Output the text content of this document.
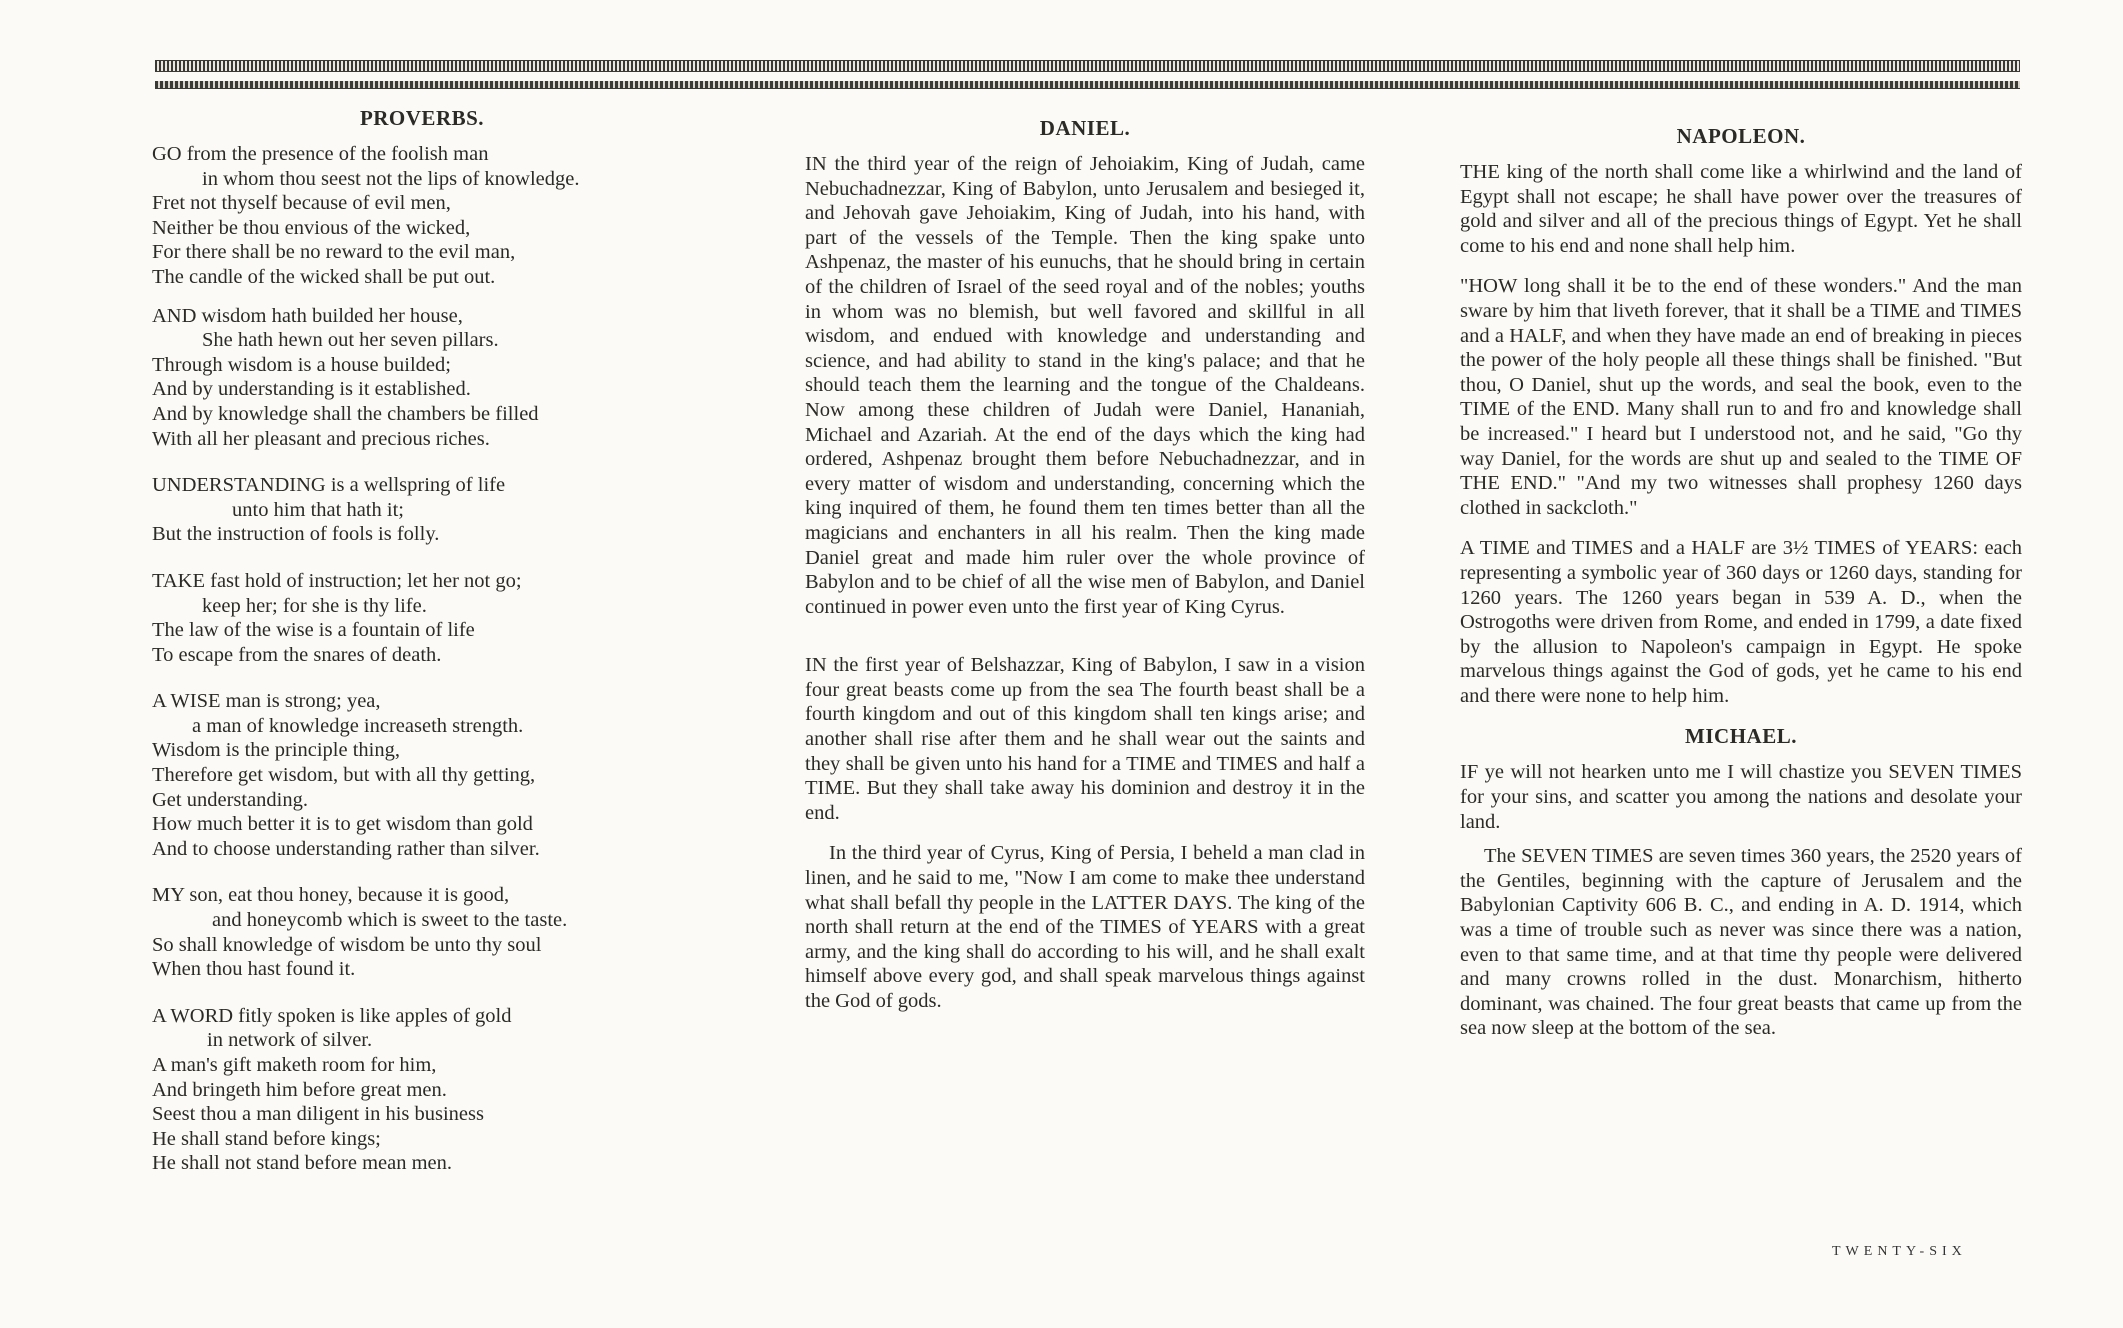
PROVERBS.
GO from the presence of the foolish man
in whom thou seest not the lips of knowledge.
Fret not thyself because of evil men,
Neither be thou envious of the wicked,
For there shall be no reward to the evil man,
The candle of the wicked shall be put out.
AND wisdom hath builded her house,
She hath hewn out her seven pillars.
Through wisdom is a house builded;
And by understanding is it established.
And by knowledge shall the chambers be filled
With all her pleasant and precious riches.
UNDERSTANDING is a wellspring of life
unto him that hath it;
But the instruction of fools is folly.
TAKE fast hold of instruction; let her not go;
keep her; for she is thy life.
The law of the wise is a fountain of life
To escape from the snares of death.
A WISE man is strong; yea,
a man of knowledge increaseth strength.
Wisdom is the principle thing,
Therefore get wisdom, but with all thy getting,
Get understanding.
How much better it is to get wisdom than gold
And to choose understanding rather than silver.
MY son, eat thou honey, because it is good,
and honeycomb which is sweet to the taste.
So shall knowledge of wisdom be unto thy soul
When thou hast found it.
A WORD fitly spoken is like apples of gold
in network of silver.
A man's gift maketh room for him,
And bringeth him before great men.
Seest thou a man diligent in his business
He shall stand before kings;
He shall not stand before mean men.
DANIEL.

IN the third year of the reign of Jehoiakim, King of Judah, came Nebuchadnezzar, King of Babylon, unto Jerusalem and besieged it, and Jehovah gave Jehoiakim, King of Judah, into his hand, with part of the vessels of the Temple. Then the king spake unto Ashpenaz, the master of his eunuchs, that he should bring in certain of the children of Israel of the seed royal and of the nobles; youths in whom was no blemish, but well favored and skillful in all wisdom, and endued with knowledge and understanding and science, and had ability to stand in the king's palace; and that he should teach them the learning and the tongue of the Chaldeans. Now among these children of Judah were Daniel, Hananiah, Michael and Azariah. At the end of the days which the king had ordered, Ashpenaz brought them before Nebuchadnezzar, and in every matter of wisdom and understanding, concerning which the king inquired of them, he found them ten times better than all the magicians and enchanters in all his realm. Then the king made Daniel great and made him ruler over the whole province of Babylon and to be chief of all the wise men of Babylon, and Daniel continued in power even unto the first year of King Cyrus.

IN the first year of Belshazzar, King of Babylon, I saw in a vision four great beasts come up from the sea The fourth beast shall be a fourth kingdom and out of this kingdom shall ten kings arise; and another shall rise after them and he shall wear out the saints and they shall be given unto his hand for a TIME and TIMES and half a TIME. But they shall take away his dominion and destroy it in the end.

In the third year of Cyrus, King of Persia, I beheld a man clad in linen, and he said to me, "Now I am come to make thee understand what shall befall thy people in the LATTER DAYS. The king of the north shall return at the end of the TIMES of YEARS with a great army, and the king shall do according to his will, and he shall exalt himself above every god, and shall speak marvelous things against the God of gods.

NAPOLEON.

THE king of the north shall come like a whirlwind and the land of Egypt shall not escape; he shall have power over the treasures of gold and silver and all of the precious things of Egypt. Yet he shall come to his end and none shall help him.

"HOW long shall it be to the end of these wonders." And the man sware by him that liveth forever, that it shall be a TIME and TIMES and a HALF, and when they have made an end of breaking in pieces the power of the holy people all these things shall be finished. "But thou, O Daniel, shut up the words, and seal the book, even to the TIME of the END. Many shall run to and fro and knowledge shall be increased." I heard but I understood not, and he said, "Go thy way Daniel, for the words are shut up and sealed to the TIME OF THE END." "And my two witnesses shall prophesy 1260 days clothed in sackcloth."

A TIME and TIMES and a HALF are 3½ TIMES of YEARS: each representing a symbolic year of 360 days or 1260 days, standing for 1260 years. The 1260 years began in 539 A. D., when the Ostrogoths were driven from Rome, and ended in 1799, a date fixed by the allusion to Napoleon's campaign in Egypt. He spoke marvelous things against the God of gods, yet he came to his end and there were none to help him.

MICHAEL.

IF ye will not hearken unto me I will chastize you SEVEN TIMES for your sins, and scatter you among the nations and desolate your land.

The SEVEN TIMES are seven times 360 years, the 2520 years of the Gentiles, beginning with the capture of Jerusalem and the Babylonian Captivity 606 B. C., and ending in A. D. 1914, which was a time of trouble such as never was since there was a nation, even to that same time, and at that time thy people were delivered and many crowns rolled in the dust. Monarchism, hitherto dominant, was chained. The four great beasts that came up from the sea now sleep at the bottom of the sea.

TWENTY-SIX
